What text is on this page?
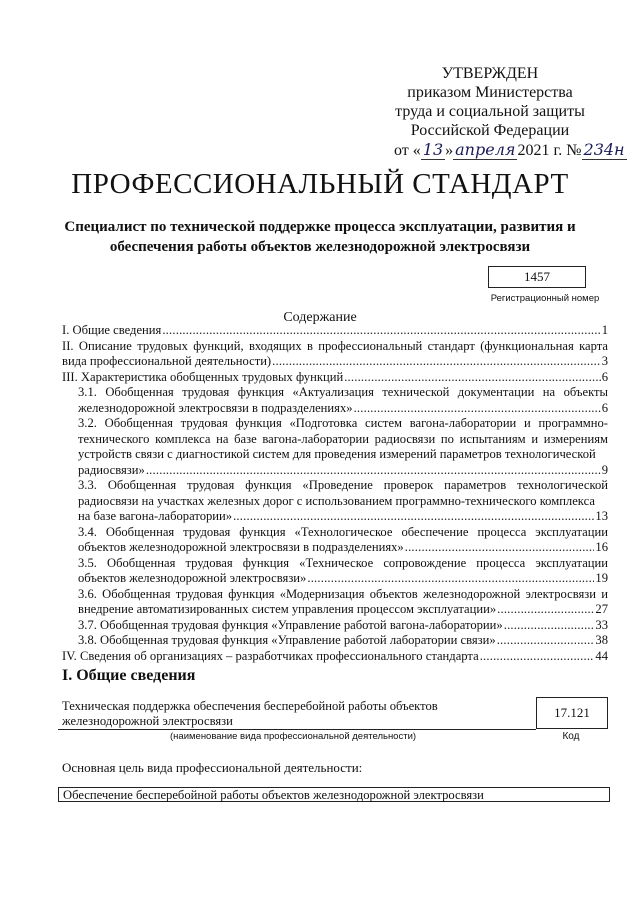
УТВЕРЖДЕН
приказом Министерства
труда и социальной защиты
Российской Федерации
от « 13 » апреля 2021 г. № 234н
ПРОФЕССИОНАЛЬНЫЙ СТАНДАРТ
Специалист по технической поддержке процесса эксплуатации, развития и обеспечения работы объектов железнодорожной электросвязи
1457
Регистрационный номер
Содержание
I. Общие сведения .....	1
II. Описание трудовых функций, входящих в профессиональный стандарт (функциональная карта
вида профессиональной деятельности) .....	3
III. Характеристика обобщенных трудовых функций .....	6
3.1. Обобщенная трудовая функция «Актуализация технической документации на объекты
железнодорожной электросвязи в подразделениях» .....	6
3.2. Обобщенная трудовая функция «Подготовка систем вагона-лаборатории и программно-технического комплекса на базе вагона-лаборатории радиосвязи по испытаниям и измерениям устройств связи с диагностикой систем для проведения измерений параметров технологической
радиосвязи» .....	9
3.3. Обобщенная трудовая функция «Проведение проверок параметров технологической радиосвязи на участках железных дорог с использованием программно-технического комплекса
на базе вагона-лаборатории» .....	13
3.4. Обобщенная трудовая функция «Технологическое обеспечение процесса эксплуатации
объектов железнодорожной электросвязи в подразделениях» .....	16
3.5. Обобщенная трудовая функция «Техническое сопровождение процесса эксплуатации
объектов железнодорожной электросвязи» .....	19
3.6. Обобщенная трудовая функция «Модернизация объектов железнодорожной электросвязи и
внедрение автоматизированных систем управления процессом эксплуатации» .....	27
3.7. Обобщенная трудовая функция «Управление работой вагона-лаборатории» .....	33
3.8. Обобщенная трудовая функция «Управление работой лаборатории связи» .....	38
IV. Сведения об организациях – разработчиках профессионального стандарта .....	44
I. Общие сведения
Техническая поддержка обеспечения бесперебойной работы объектов железнодорожной электросвязи
(наименование вида профессиональной деятельности)
17.121
Код
Основная цель вида профессиональной деятельности:
Обеспечение бесперебойной работы объектов железнодорожной электросвязи
